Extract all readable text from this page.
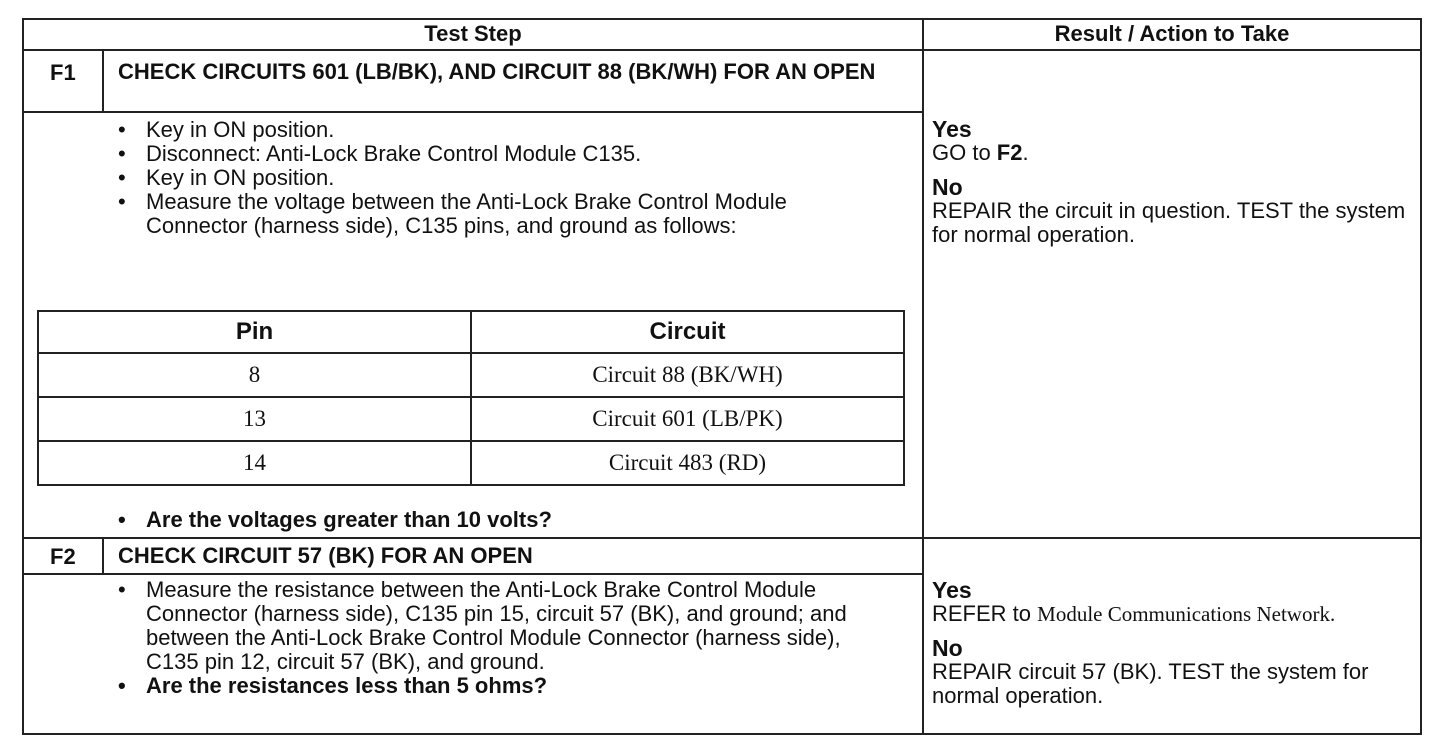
Test Step	Result / Action to Take
F1 CHECK CIRCUITS 601 (LB/BK), AND CIRCUIT 88 (BK/WH) FOR AN OPEN
• Key in ON position.
• Disconnect: Anti-Lock Brake Control Module C135.
• Key in ON position.
• Measure the voltage between the Anti-Lock Brake Control Module Connector (harness side), C135 pins, and ground as follows:
Pin	Circuit
8	Circuit 88 (BK/WH)
13	Circuit 601 (LB/PK)
14	Circuit 483 (RD)
• Are the voltages greater than 10 volts?
Yes
GO to F2.
No
REPAIR the circuit in question. TEST the system for normal operation.
F2 CHECK CIRCUIT 57 (BK) FOR AN OPEN
• Measure the resistance between the Anti-Lock Brake Control Module Connector (harness side), C135 pin 15, circuit 57 (BK), and ground; and between the Anti-Lock Brake Control Module Connector (harness side), C135 pin 12, circuit 57 (BK), and ground.
• Are the resistances less than 5 ohms?
Yes
REFER to Module Communications Network.
No
REPAIR circuit 57 (BK). TEST the system for normal operation.
